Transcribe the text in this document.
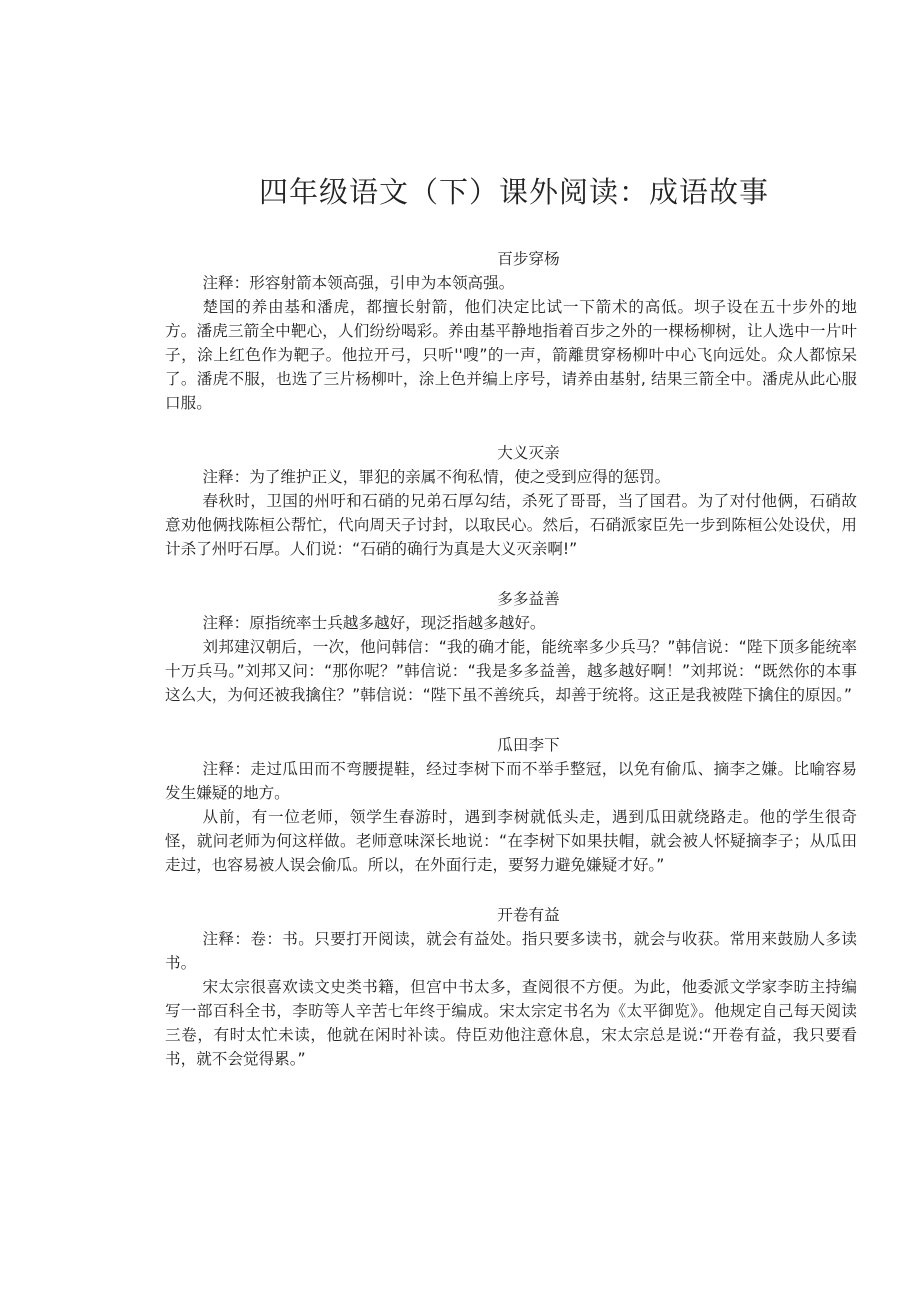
四年级语文（下）课外阅读：成语故事
百步穿杨

注释：形容射箭本领高强，引申为本领高强。

楚国的养由基和潘虎，都擅长射箭，他们决定比试一下箭术的高低。坝子设在五十步外的地方。潘虎三箭全中靶心，人们纷纷喝彩。养由基平静地指着百步之外的一棵杨柳树，让人选中一片叶子，涂上红色作为靶子。他拉开弓，只听''嗖”的一声，箭離贯穿杨柳叶中心飞向远处。众人都惊呆了。潘虎不服，也选了三片杨柳叶，涂上色并编上序号，请养由基射, 结果三箭全中。潘虎从此心服口服。

大义灭亲

注释：为了维护正义，罪犯的亲属不徇私情，使之受到应得的惩罚。

春秋时，卫国的州吁和石硝的兄弟石厚勾结，杀死了哥哥，当了国君。为了对付他俩，石硝故意劝他俩找陈桓公帮忙，代向周天子讨封，以取民心。然后，石硝派家臣先一步到陈桓公处设伏，用计杀了州吁石厚。人们说：“石硝的确行为真是大义灭亲啊!”

多多益善

注释：原指统率士兵越多越好，现泛指越多越好。

刘邦建汉朝后，一次，他问韩信：“我的确才能，能统率多少兵马？”韩信说：“陛下顶多能统率十万兵马。”刘邦又问：“那你呢？”韩信说：“我是多多益善，越多越好啊！”刘邦说：“既然你的本事这么大，为何还被我擒住？”韩信说：“陛下虽不善统兵，却善于统将。这正是我被陛下擒住的原因。”

瓜田李下

注释：走过瓜田而不弯腰提鞋，经过李树下而不举手整冠，以免有偷瓜、摘李之嫌。比喻容易发生嫌疑的地方。

从前，有一位老师，领学生春游时，遇到李树就低头走，遇到瓜田就绕路走。他的学生很奇怪，就问老师为何这样做。老师意味深长地说：“在李树下如果扶帽，就会被人怀疑摘李子；从瓜田走过，也容易被人误会偷瓜。所以，在外面行走，要努力避免嫌疑才好。”

开卷有益

注释：卷：书。只要打开阅读，就会有益处。指只要多读书，就会与收获。常用来鼓励人多读书。

宋太宗很喜欢读文史类书籍，但宫中书太多，查阅很不方便。为此，他委派文学家李昉主持编写一部百科全书，李昉等人辛苦七年终于编成。宋太宗定书名为《太平御览》。他规定自己每天阅读三卷，有时太忙未读，他就在闲时补读。侍臣劝他注意休息，宋太宗总是说:“开卷有益，我只要看书，就不会觉得累。”
